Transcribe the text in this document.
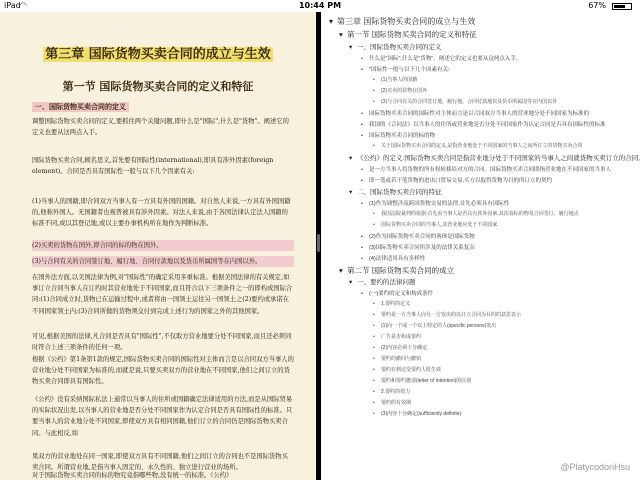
iPad ◠	10:44 PM	67%
第三章 国际货物买卖合同的成立与生效
第一节 国际货物买卖合同的定义和特征
一、国际货物买卖合同的定义
调整国际货物买卖合同的定义,要抓住两个关键问题,即什么是"国际",什么是"货物"。阐述它的定义也要从这两点入手。
国际货物买卖合同,顾名思义,首先要有国际性(international),即具有涉外因素(foreign element)。合同是否具有国际性一般与以下几个因素有关:
(1)当事人的国籍,即合同双方当事人有一方具有外国的国籍。对自然人来说,一方具有外国国籍的,他称外国人。无国籍者也视普被具有涉外因素。对法人来说,由于各国法律认定法人国籍的标准不同,或以其登记地,或以主要办事机构所在地作为判断标准。
(2)买卖的货物在国外,即合同的标的物在国外。
(3)与合同有关的合同签订地、履行地、合同付款地以及货币所属国等在内国以外。
在国外法方面,以美国法律为例,对"国际性"的确定采用多重标准。根据美国法律的有关规定,如事订立合同当事人在订约时其营业地处于不同国家,而且符合以下三项条件之一的即构成国际合同:(1)合同成立时,货物已在运输过程中,或者将由一国领土运往另一国领土之(2)要约或承诺在不同国家领土内;(3)合同所做的货物须交付到完成上述行为的国家之外的其他国家。
可见,根据美国的法律,凡合同是否具有"国际性",不仅取方营业地要分处不同国家,而且还必须同时符合上述三项条件的任何一项。
根据《公约》第1条第1款的规定,国际货物买卖合同的国际性对主体而言是以合同双方当事人的营业地分处不同国家为标准的,而就是说,只要买卖双方的营业地在不同国家,他们之间订立的货物买卖合同即具有国际性。
《公约》没有采纳国际私法上通常以当事人的住所或国籍确定法律适用的方法,而是从国际贸易的实际状况出发,以当事人的营业地是否分处不同国家作为认定合同是否具有国际性的标准。只要当事人的营业地分处不同国家,即使双方具有相同国籍,他们订立的合同仍是国际货物买卖合同。与此相反,如
果双方的营业地处在同一国家,即使双方具有不同国籍,他们之间订立的合同也不是国际货物买卖合同。所谓营业地,是指当事人固定的、永久性的、独立进行营业的场所。
对于国际货物买卖合同的标的物究竟指哪些物,没有统一的标准。《公约》
▾ 第三章 国际货物买卖合同的成立与生效
▾ 第一节 国际货物买卖合同的定义和特征
▾ 一、国际货物买卖合同的定义
• 什么是"国际",什么是"货物"。阐述它的定义也要从这两点入手。
• "国际性一般与以下几个因素有关:
• (1)当事人的国籍
• (2)买卖的货物在国外
• (3)与合同有关的合同签订地、履行地、合同付款地以及货币所属国等在内国以外
• 国际货物买卖合同的国际性对主体而言是以合同双方当事人的营业地分处不同国家为标准的
• 我国的《合同法》以当事人的住所或营业地是否分处不同国家作为认定合同是否具有国际性的标准
• 国际货物买卖合同的标的物
• 关于国际货物买卖合同的定义,是指营业地处于不同国家的当事人之间所订立的货物买卖合同
▾ 《公约》的定义:国际货物买卖合同是指营业地分处于不同国家的当事人之间就货物买卖订立的合同,
• 是一方当事人将货物的所有权转移给对方的合同。国际货物买卖合同即指营业地在不同国家的当事人
• 即一笔或若干笔货物的进出口贸易交易,买方以取得货物为目的所订立的契约
▾ 二、国际货物买卖合同的特征
• (1)作为调整涉及跨国货物交易的法律,首先必须具有国际性
• 我国法院裁判的依据:首先看当事人是否具有涉外因素,其次看标的物及合同签订、履行地点
• 国际货物买卖合同的当事人,其营业地应处于不同国家
• (2)作为国际货物买卖合同的客体是国际货物
• (3)国际货物买卖合同所涉及的法律关系复杂
• (4)法律适用具有多样性
▾ 第二节 国际货物买卖合同的成立
▾ 一、要约的法律问题
• (一)要约的定义和构成条件
• 1.要约的定义
• 要约是一方当事人向另一方发出的以订立合同为目的的意思表示
• (1)向一个或一个以上特定的人(specific persons)发出
• 广告是否构成要约
• (2)内容必须十分确定
• 要约的撤回与撤销
• 要约在到达受要约人时生效
• 要约和要约邀请(letter of intention)的区别
• 2.要约的效力
• 要约的有效期
• (3)内容十分确定(sufficiently definite)
@PlatycodonHsu
